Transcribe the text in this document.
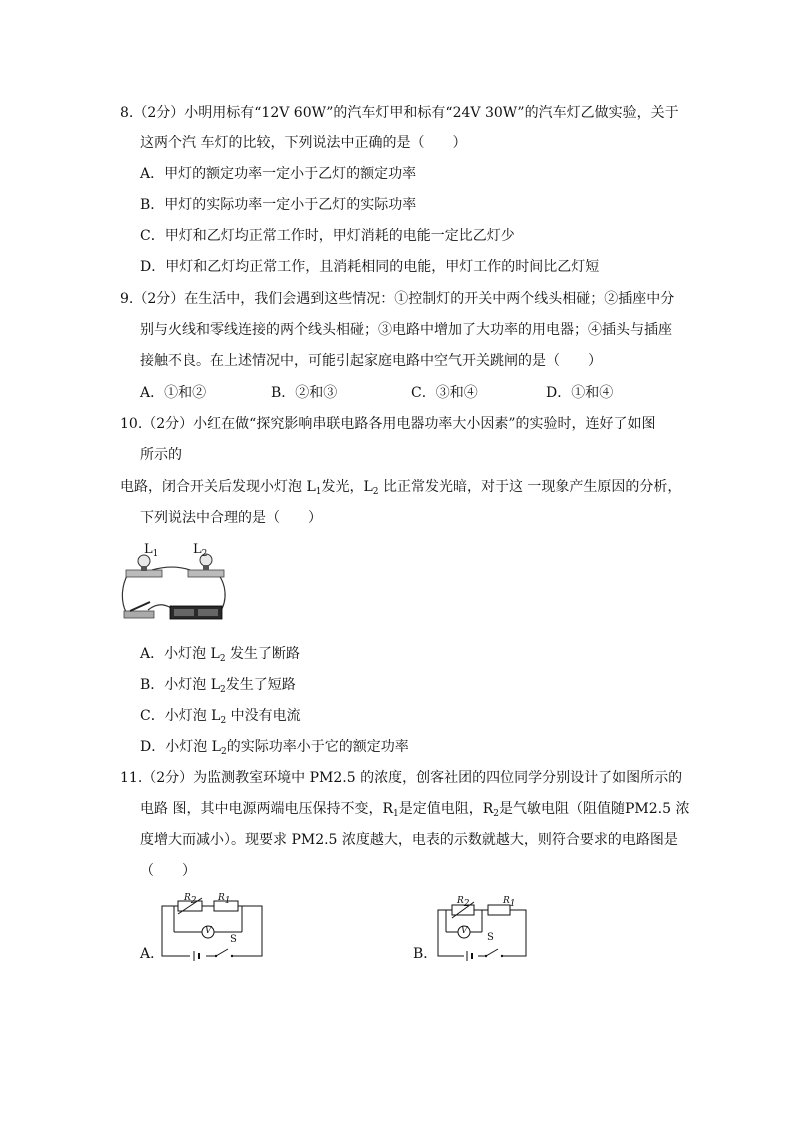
8.（2分）小明用标有“12V 60W”的汽车灯甲和标有“24V 30W”的汽车灯乙做实验，关于
这两个汽 车灯的比较，下列说法中正确的是（　　）
A．甲灯的额定功率一定小于乙灯的额定功率
B．甲灯的实际功率一定小于乙灯的实际功率
C．甲灯和乙灯均正常工作时，甲灯消耗的电能一定比乙灯少
D．甲灯和乙灯均正常工作，且消耗相同的电能，甲灯工作的时间比乙灯短
9.（2分）在生活中，我们会遇到这些情况：①控制灯的开关中两个线头相碰；②插座中分
别与火线和零线连接的两个线头相碰；③电路中增加了大功率的用电器；④插头与插座
接触不良。在上述情况中，可能引起家庭电路中空气开关跳闸的是（　　）
A．①和②	B．②和③	C．③和④	D．①和④
10.（2分）小红在做“探究影响串联电路各用电器功率大小因素”的实验时，连好了如图
所示的
电路，闭合开关后发现小灯泡 $L_1$发光，$L_2$ 比正常发光暗，对于这 一现象产生原因的分析，
下列说法中合理的是（　　）
$L_1$	$L_2$
A．小灯泡 $L_2$ 发生了断路
B．小灯泡 $L_2$发生了短路
C．小灯泡 $L_2$ 中没有电流
D．小灯泡 $L_2$的实际功率小于它的额定功率
11.（2分）为监测教室环境中 PM2.5 的浓度，创客社团的四位同学分别设计了如图所示的
电路 图，其中电源两端电压保持不变，$R_1$是定值电阻，$R_2$是气敏电阻（阻值随PM2.5 浓
度增大而减小）。现要求 PM2.5 浓度越大，电表的示数就越大，则符合要求的电路图是
（　　）
$R_2$ $R_1$
V
S
A．
$R_2$	$R_1$
V
S
B．
